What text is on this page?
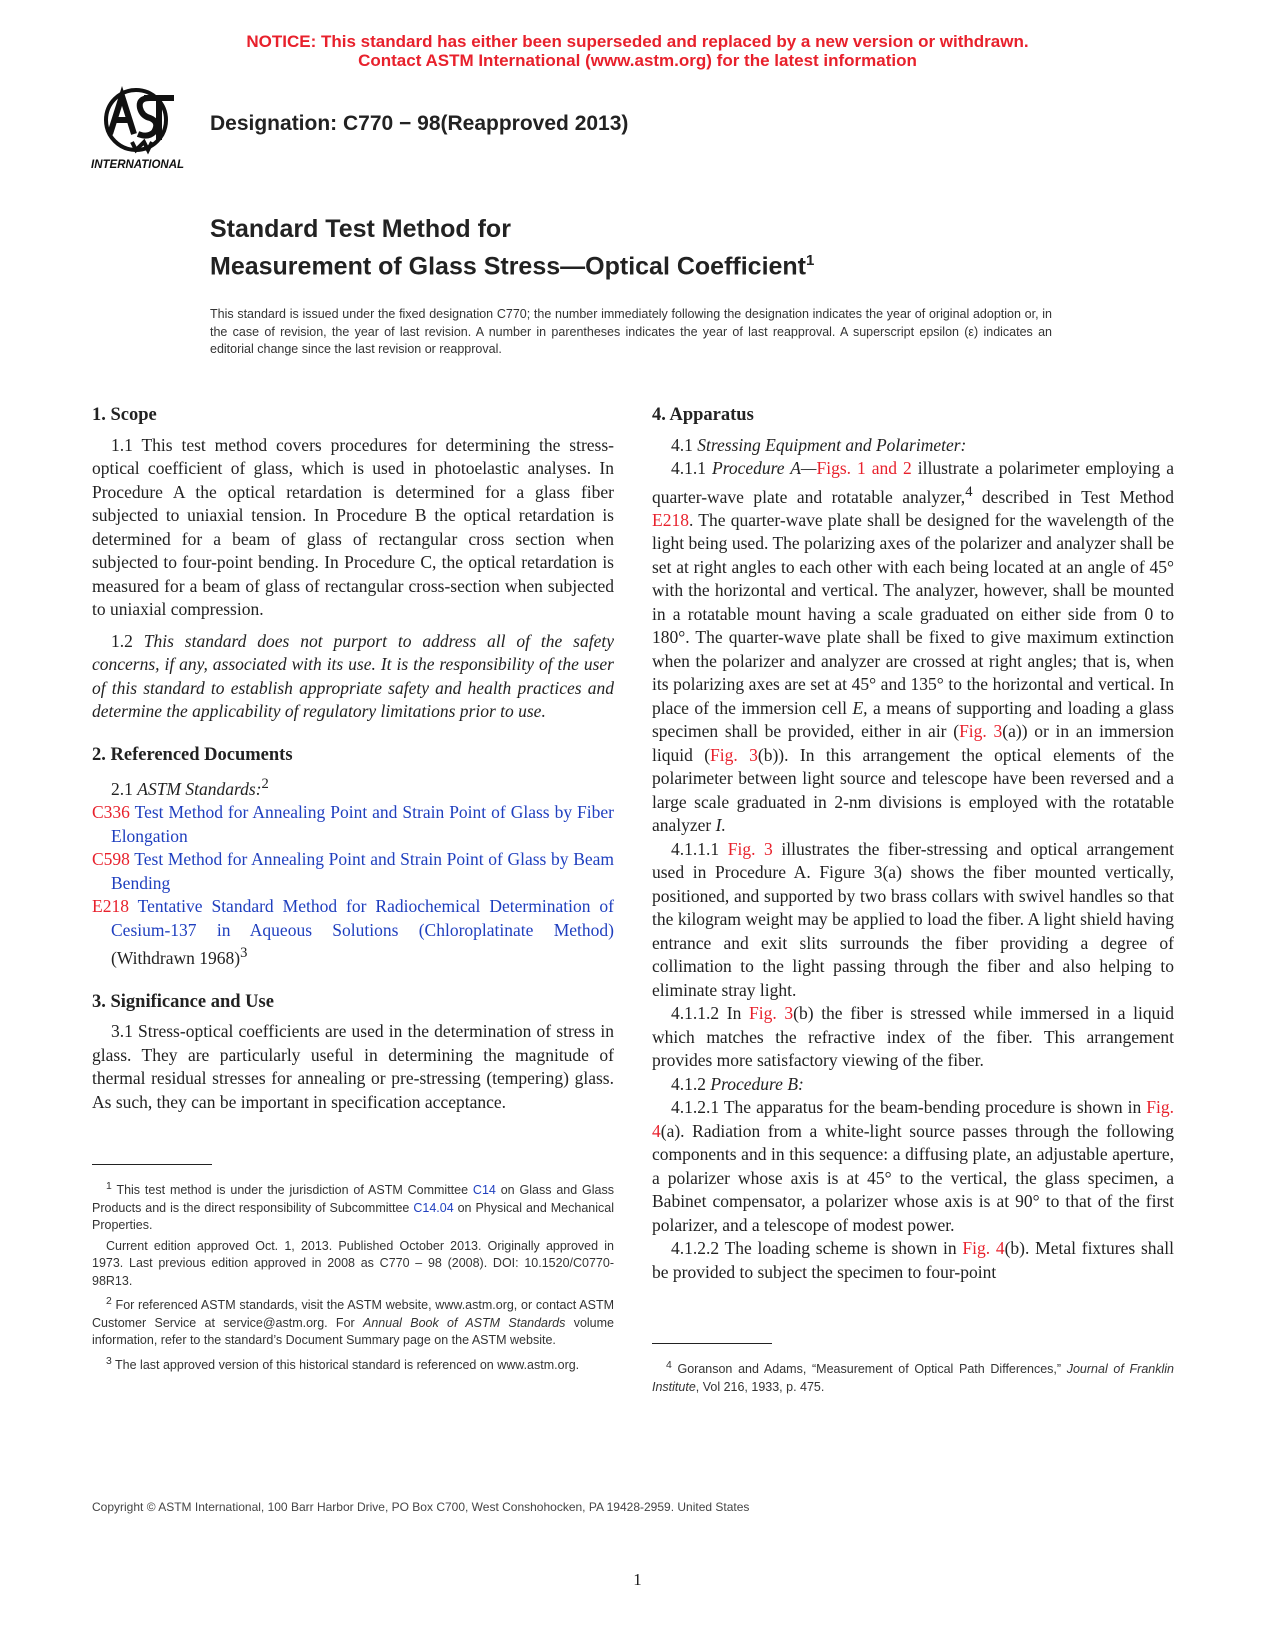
NOTICE: This standard has either been superseded and replaced by a new version or withdrawn.
Contact ASTM International (www.astm.org) for the latest information
INTERNATIONAL
Designation: C770 − 98(Reapproved 2013)
Standard Test Method for
Measurement of Glass Stress—Optical Coefficient$^1$
This standard is issued under the fixed designation C770; the number immediately following the designation indicates the year of original adoption or, in the case of revision, the year of last revision. A number in parentheses indicates the year of last reapproval. A superscript epsilon (ε) indicates an editorial change since the last revision or reapproval.
1. Scope

1.1 This test method covers procedures for determining the stress-optical coefficient of glass, which is used in photoelastic analyses. In Procedure A the optical retardation is determined for a glass fiber subjected to uniaxial tension. In Procedure B the optical retardation is determined for a beam of glass of rectangular cross section when subjected to four-point bending. In Procedure C, the optical retardation is measured for a beam of glass of rectangular cross-section when subjected to uniaxial compression.

1.2 This standard does not purport to address all of the safety concerns, if any, associated with its use. It is the responsibility of the user of this standard to establish appropriate safety and health practices and determine the applicability of regulatory limitations prior to use.

2. Referenced Documents

2.1 ASTM Standards:$^2$

C336 Test Method for Annealing Point and Strain Point of Glass by Fiber Elongation
C598 Test Method for Annealing Point and Strain Point of Glass by Beam Bending
E218 Tentative Standard Method for Radiochemical Determination of Cesium-137 in Aqueous Solutions (Chloroplatinate Method) (Withdrawn 1968)$^3$
3. Significance and Use

3.1 Stress-optical coefficients are used in the determination of stress in glass. They are particularly useful in determining the magnitude of thermal residual stresses for annealing or pre-stressing (tempering) glass. As such, they can be important in specification acceptance.

$^1$ This test method is under the jurisdiction of ASTM Committee C14 on Glass and Glass Products and is the direct responsibility of Subcommittee C14.04 on Physical and Mechanical Properties.

Current edition approved Oct. 1, 2013. Published October 2013. Originally approved in 1973. Last previous edition approved in 2008 as C770 – 98 (2008). DOI: 10.1520/C0770-98R13.

$^2$ For referenced ASTM standards, visit the ASTM website, www.astm.org, or contact ASTM Customer Service at service@astm.org. For Annual Book of ASTM Standards volume information, refer to the standard’s Document Summary page on the ASTM website.

$^3$ The last approved version of this historical standard is referenced on www.astm.org.

4. Apparatus

4.1 Stressing Equipment and Polarimeter:

4.1.1 Procedure A—Figs. 1 and 2 illustrate a polarimeter employing a quarter-wave plate and rotatable analyzer,$^4$ described in Test Method E218. The quarter-wave plate shall be designed for the wavelength of the light being used. The polarizing axes of the polarizer and analyzer shall be set at right angles to each other with each being located at an angle of 45° with the horizontal and vertical. The analyzer, however, shall be mounted in a rotatable mount having a scale graduated on either side from 0 to 180°. The quarter-wave plate shall be fixed to give maximum extinction when the polarizer and analyzer are crossed at right angles; that is, when its polarizing axes are set at 45° and 135° to the horizontal and vertical. In place of the immersion cell E, a means of supporting and loading a glass specimen shall be provided, either in air (Fig. 3(a)) or in an immersion liquid (Fig. 3(b)). In this arrangement the optical elements of the polarimeter between light source and telescope have been reversed and a large scale graduated in 2-nm divisions is employed with the rotatable analyzer I.

4.1.1.1 Fig. 3 illustrates the fiber-stressing and optical arrangement used in Procedure A. Figure 3(a) shows the fiber mounted vertically, positioned, and supported by two brass collars with swivel handles so that the kilogram weight may be applied to load the fiber. A light shield having entrance and exit slits surrounds the fiber providing a degree of collimation to the light passing through the fiber and also helping to eliminate stray light.

4.1.1.2 In Fig. 3(b) the fiber is stressed while immersed in a liquid which matches the refractive index of the fiber. This arrangement provides more satisfactory viewing of the fiber.

4.1.2 Procedure B:

4.1.2.1 The apparatus for the beam-bending procedure is shown in Fig. 4(a). Radiation from a white-light source passes through the following components and in this sequence: a diffusing plate, an adjustable aperture, a polarizer whose axis is at 45° to the vertical, the glass specimen, a Babinet compensator, a polarizer whose axis is at 90° to that of the first polarizer, and a telescope of modest power.

4.1.2.2 The loading scheme is shown in Fig. 4(b). Metal fixtures shall be provided to subject the specimen to four-point

$^4$ Goranson and Adams, “Measurement of Optical Path Differences,” Journal of Franklin Institute, Vol 216, 1933, p. 475.

Copyright © ASTM International, 100 Barr Harbor Drive, PO Box C700, West Conshohocken, PA 19428-2959. United States
1
